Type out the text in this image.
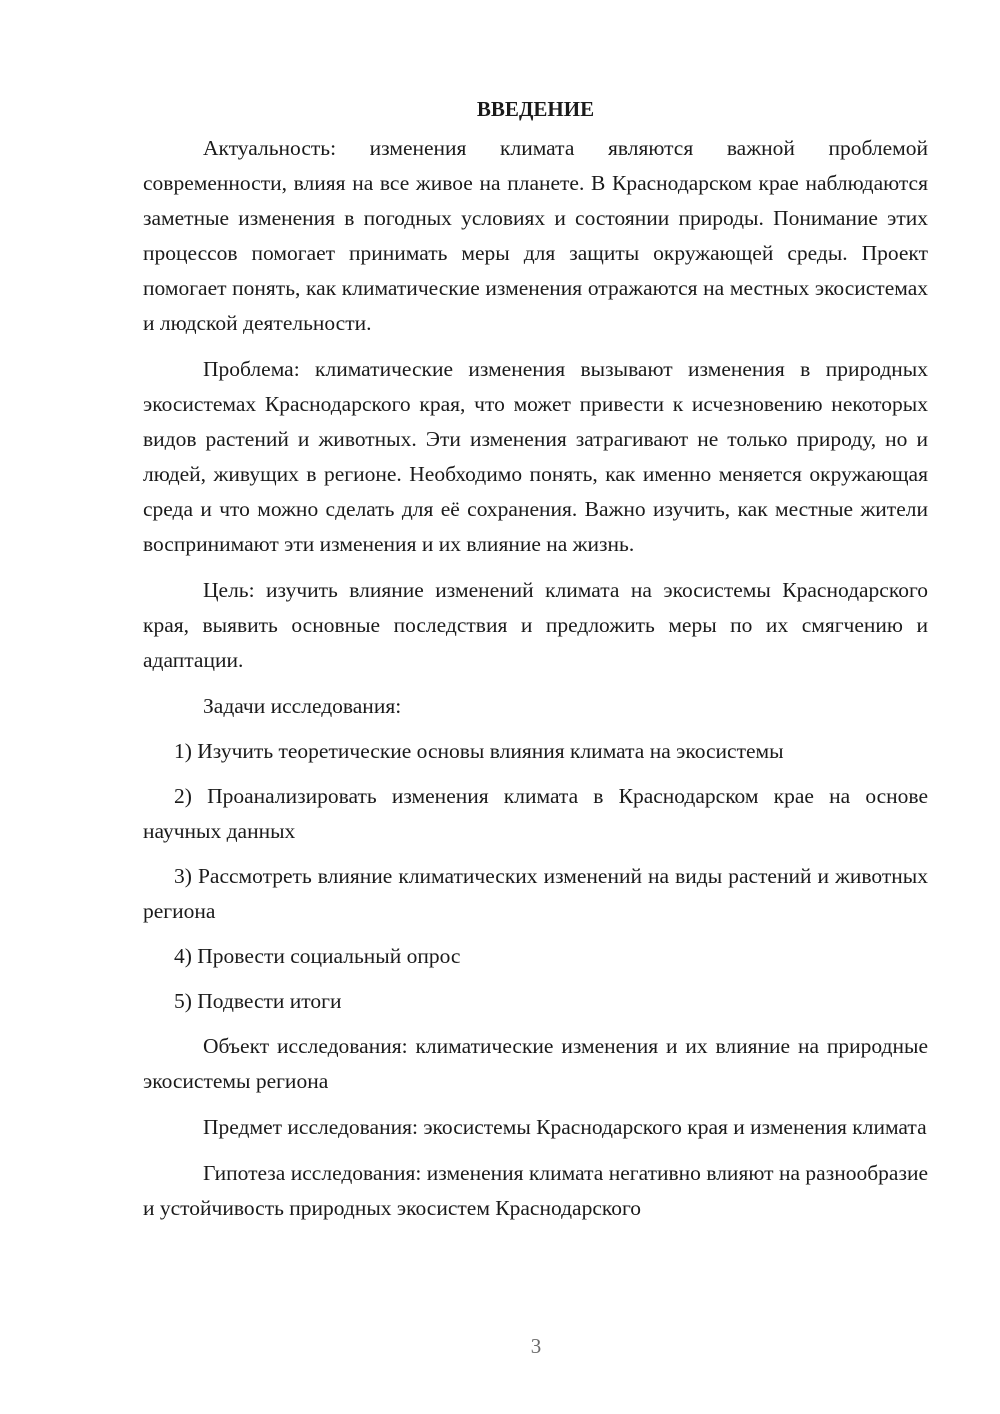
ВВЕДЕНИЕ

Актуальность: изменения климата являются важной проблемой современности, влияя на все живое на планете. В Краснодарском крае наблюдаются заметные изменения в погодных условиях и состоянии природы. Понимание этих процессов помогает принимать меры для защиты окружающей среды. Проект помогает понять, как климатические изменения отражаются на местных экосистемах и людской деятельности.

Проблема: климатические изменения вызывают изменения в природных экосистемах Краснодарского края, что может привести к исчезновению некоторых видов растений и животных. Эти изменения затрагивают не только природу, но и людей, живущих в регионе. Необходимо понять, как именно меняется окружающая среда и что можно сделать для её сохранения. Важно изучить, как местные жители воспринимают эти изменения и их влияние на жизнь.

Цель: изучить влияние изменений климата на экосистемы Краснодарского края, выявить основные последствия и предложить меры по их смягчению и адаптации.

Задачи исследования:

1) Изучить теоретические основы влияния климата на экосистемы

2) Проанализировать изменения климата в Краснодарском крае на основе научных данных

3) Рассмотреть влияние климатических изменений на виды растений и животных региона

4) Провести социальный опрос

5) Подвести итоги

Объект исследования: климатические изменения и их влияние на природные экосистемы региона

Предмет исследования: экосистемы Краснодарского края и изменения климата

Гипотеза исследования: изменения климата негативно влияют на разнообразие и устойчивость природных экосистем Краснодарского

3
